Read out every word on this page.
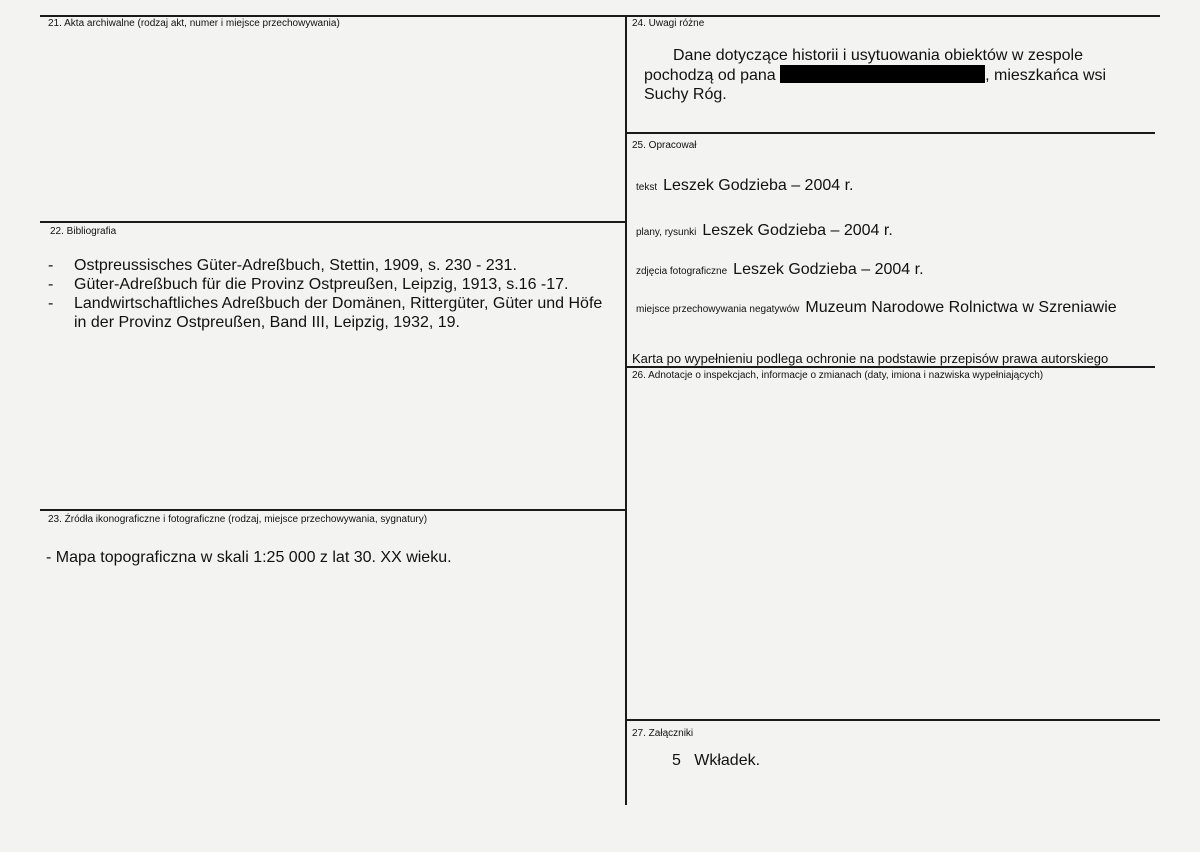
21. Akta archiwalne (rodzaj akt, numer i miejsce przechowywania)
22. Bibliografia
- Ostpreussisches Güter-Adreßbuch, Stettin, 1909, s. 230 - 231.
- Güter-Adreßbuch für die Provinz Ostpreußen, Leipzig, 1913, s.16 -17.
- Landwirtschaftliches Adreßbuch der Domänen, Rittergüter, Güter und Höfe in der Provinz Ostpreußen, Band III, Leipzig, 1932, 19.
23. Źródła ikonograficzne i fotograficzne (rodzaj, miejsce przechowywania, sygnatury)
- Mapa topograficzna w skali 1:25 000 z lat 30. XX wieku.
24. Uwagi różne
Dane dotyczące historii i usytuowania obiektów w zespole
pochodzą od pana	, mieszkańca wsi
Suchy Róg.
25. Opracował
tekst Leszek Godzieba – 2004 r.
plany, rysunki Leszek Godzieba – 2004 r.
zdjęcia fotograficzne Leszek Godzieba – 2004 r.
miejsce przechowywania negatywów Muzeum Narodowe Rolnictwa w Szreniawie
Karta po wypełnieniu podlega ochronie na podstawie przepisów prawa autorskiego
26. Adnotacje o inspekcjach, informacje o zmianach (daty, imiona i nazwiska wypełniających)
27. Załączniki
5   Wkładek.
